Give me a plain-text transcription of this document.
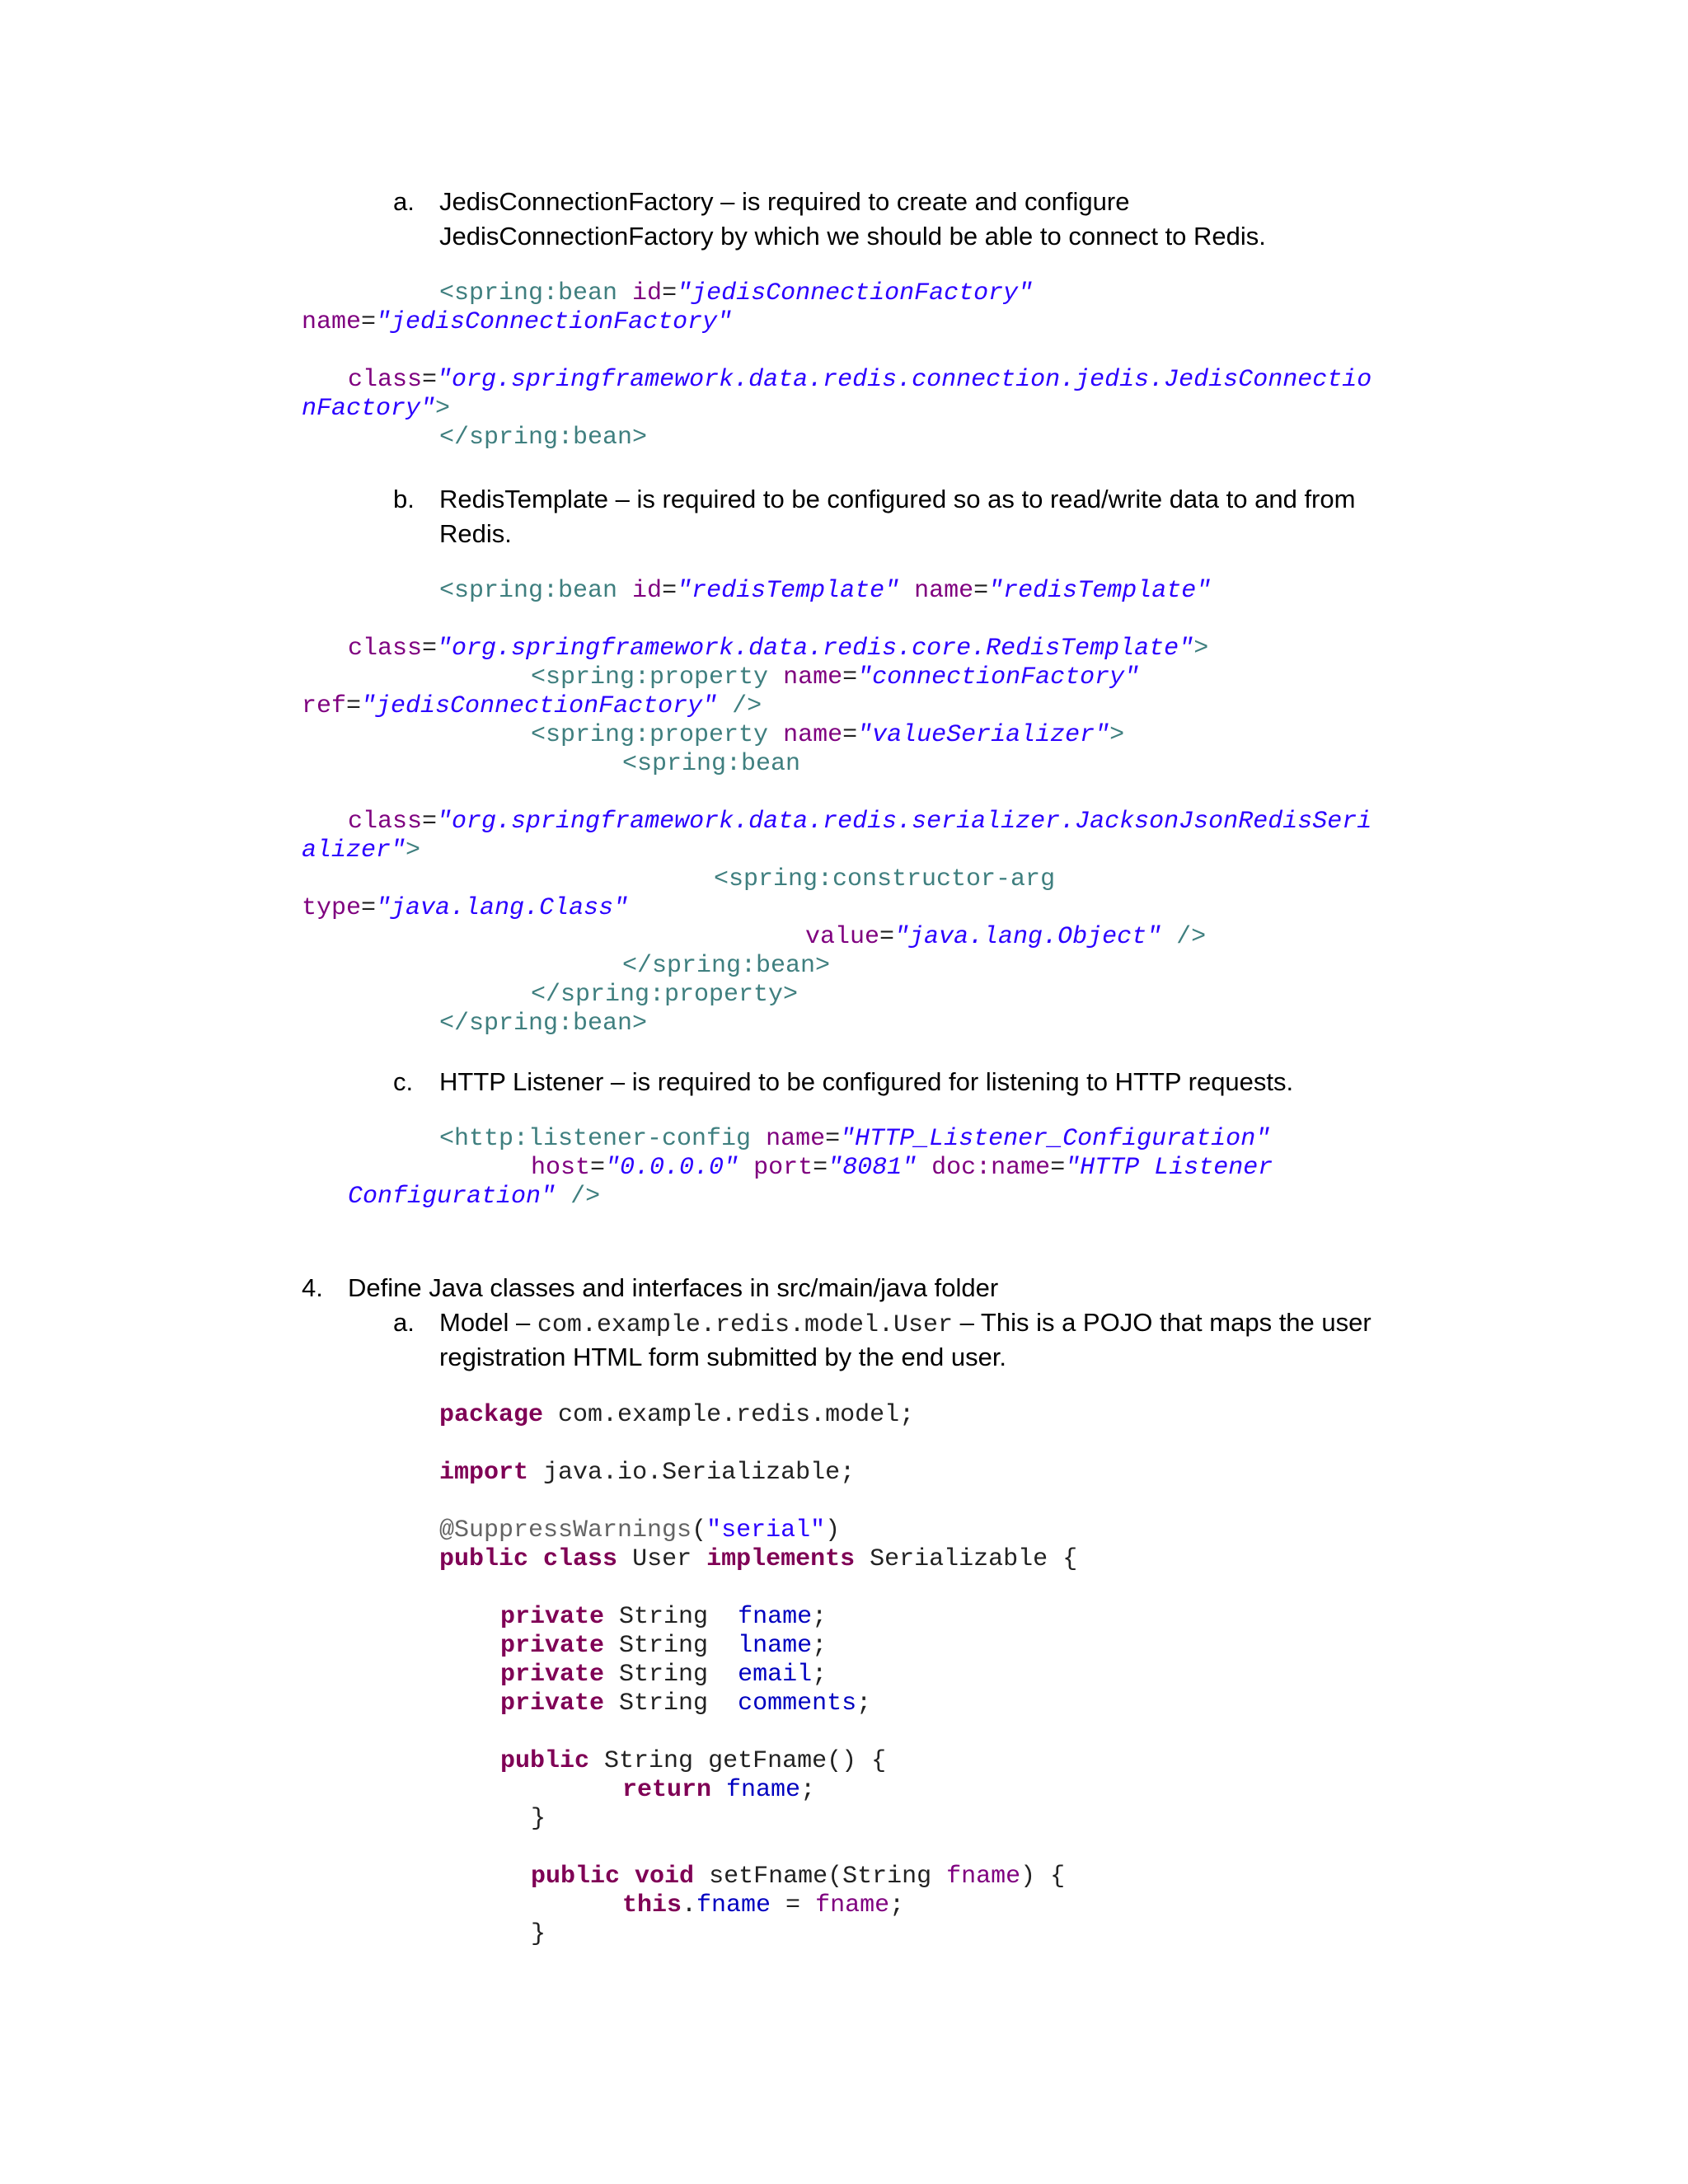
a. JedisConnectionFactory – is required to create and configure
JedisConnectionFactory by which we should be able to connect to Redis.
<spring:bean id="jedisConnectionFactory"
name="jedisConnectionFactory"
class="org.springframework.data.redis.connection.jedis.JedisConnectio
nFactory">
</spring:bean>
b. RedisTemplate – is required to be configured so as to read/write data to and from
Redis.
<spring:bean id="redisTemplate" name="redisTemplate"
class="org.springframework.data.redis.core.RedisTemplate">
<spring:property name="connectionFactory"
ref="jedisConnectionFactory" />
<spring:property name="valueSerializer">
<spring:bean
class="org.springframework.data.redis.serializer.JacksonJsonRedisSeri
alizer">
<spring:constructor-arg
type="java.lang.Class"
value="java.lang.Object" />
</spring:bean>
</spring:property>
</spring:bean>
c. HTTP Listener – is required to be configured for listening to HTTP requests.
<http:listener-config name="HTTP_Listener_Configuration"
host="0.0.0.0" port="8081" doc:name="HTTP Listener
Configuration" />
4. Define Java classes and interfaces in src/main/java folder
a. Model – com.example.redis.model.User – This is a POJO that maps the user
registration HTML form submitted by the end user.
package com.example.redis.model;
import java.io.Serializable;
@SuppressWarnings("serial")
public class User implements Serializable {
private String  fname;
private String  lname;
private String  email;
private String  comments;
public String getFname() {
return fname;
}
public void setFname(String fname) {
this.fname = fname;
}
